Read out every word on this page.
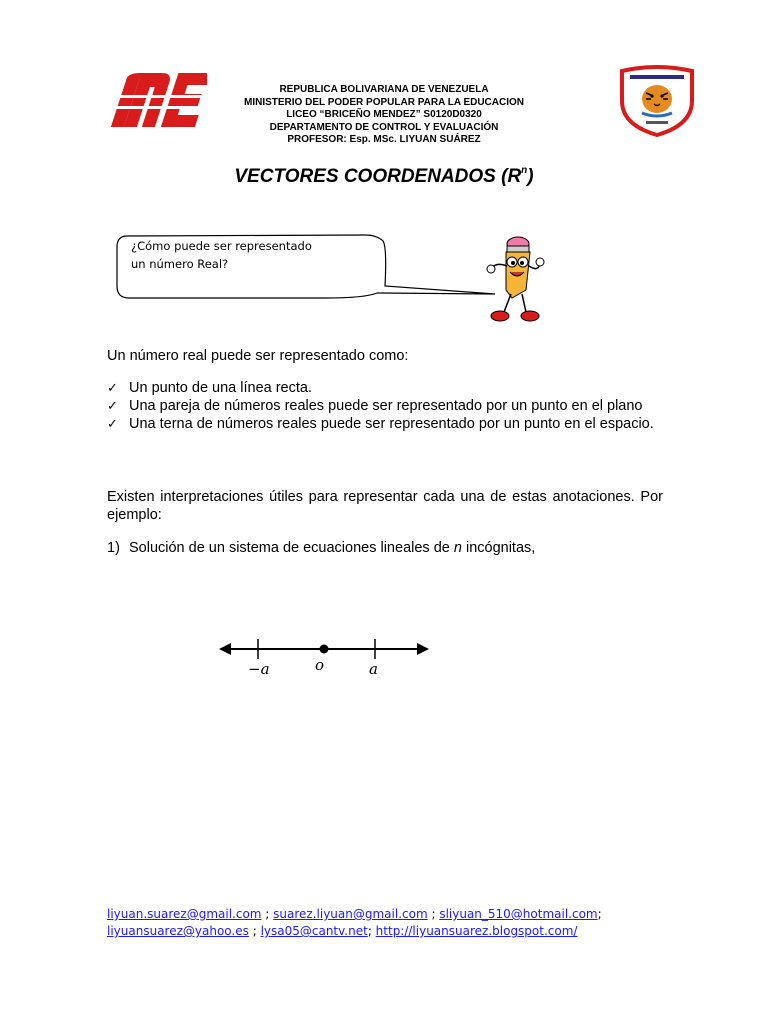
ME
REPUBLICA BOLIVARIANA DE VENEZUELA
MINISTERIO DEL PODER POPULAR PARA LA EDUCACION
LICEO “BRICEÑO MENDEZ” S0120D0320
DEPARTAMENTO DE CONTROL Y EVALUACIÓN
PROFESOR: Esp. MSc. LIYUAN SUÁREZ
LICEO BRICEÑO MENDEZ
VECTORES COORDENADOS $(R^n)$
¿Cómo puede ser representado
un número Real?
Un número real puede ser representado como:
✓ Un punto de una línea recta.
✓ Una pareja de números reales puede ser representado por un punto en el plano
✓ Una terna de números reales puede ser representado por un punto en el espacio.
Existen interpretaciones útiles para representar cada una de estas anotaciones. Por ejemplo:
1) Solución de un sistema de ecuaciones lineales de n incógnitas,
−a	o	a
liyuan.suarez@gmail.com ; suarez.liyuan@gmail.com ; sliyuan_510@hotmail.com;
liyuansuarez@yahoo.es ; lysa05@cantv.net; http://liyuansuarez.blogspot.com/
